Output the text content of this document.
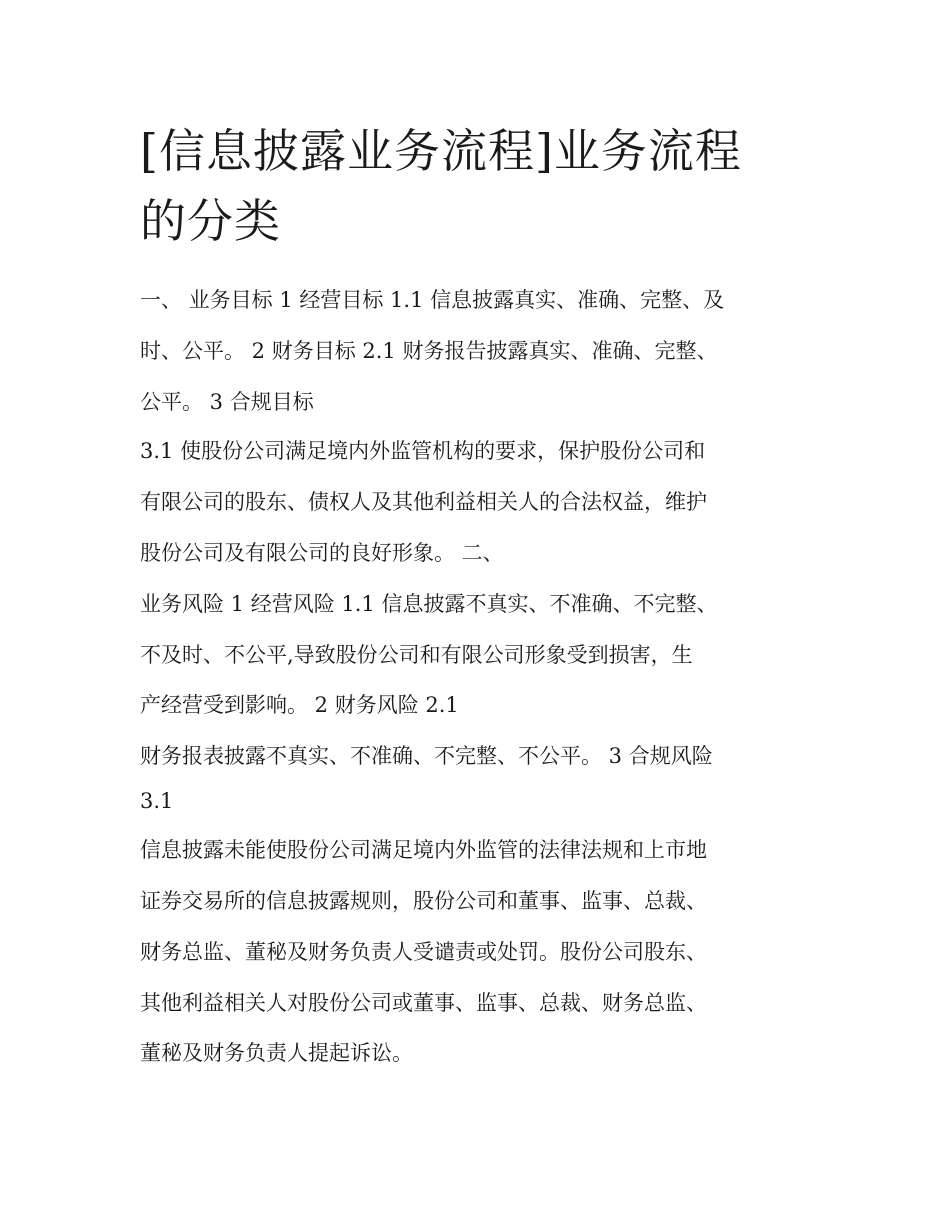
[信息披露业务流程]业务流程
的分类
一、 业务目标 1 经营目标 1.1 信息披露真实、准确、完整、及
时、公平。 2 财务目标 2.1 财务报告披露真实、准确、完整、
公平。 3 合规目标
3.1 使股份公司满足境内外监管机构的要求，保护股份公司和
有限公司的股东、债权人及其他利益相关人的合法权益，维护
股份公司及有限公司的良好形象。 二、
业务风险 1 经营风险 1.1 信息披露不真实、不准确、不完整、
不及时、不公平,导致股份公司和有限公司形象受到损害，生
产经营受到影响。 2 财务风险 2.1
财务报表披露不真实、不准确、不完整、不公平。 3 合规风险
3.1
信息披露未能使股份公司满足境内外监管的法律法规和上市地
证券交易所的信息披露规则，股份公司和董事、监事、总裁、
财务总监、董秘及财务负责人受谴责或处罚。股份公司股东、
其他利益相关人对股份公司或董事、监事、总裁、财务总监、
董秘及财务负责人提起诉讼。
